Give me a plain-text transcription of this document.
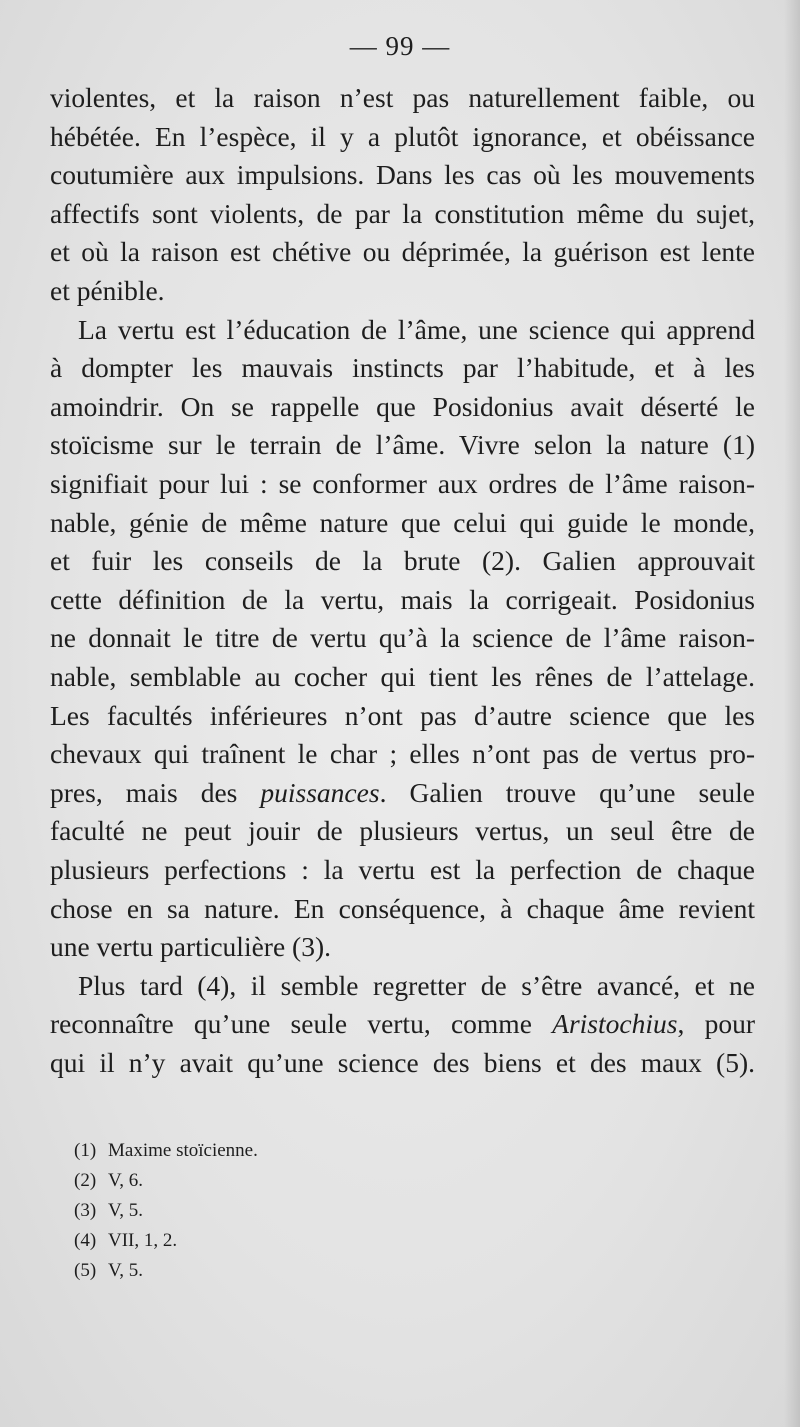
— 99 —
violentes, et la raison n’est pas naturellement faible, ou
hébétée. En l’espèce, il y a plutôt ignorance, et obéissance
coutumière aux impulsions. Dans les cas où les mouvements
affectifs sont violents, de par la constitution même du sujet,
et où la raison est chétive ou déprimée, la guérison est lente
et pénible.
La vertu est l’éducation de l’âme, une science qui apprend
à dompter les mauvais instincts par l’habitude, et à les
amoindrir. On se rappelle que Posidonius avait déserté le
stoïcisme sur le terrain de l’âme. Vivre selon la nature (1)
signifiait pour lui : se conformer aux ordres de l’âme raison-
nable, génie de même nature que celui qui guide le monde,
et fuir les conseils de la brute (2). Galien approuvait
cette définition de la vertu, mais la corrigeait. Posidonius
ne donnait le titre de vertu qu’à la science de l’âme raison-
nable, semblable au cocher qui tient les rênes de l’attelage.
Les facultés inférieures n’ont pas d’autre science que les
chevaux qui traînent le char ; elles n’ont pas de vertus pro-
pres, mais des puissances. Galien trouve qu’une seule
faculté ne peut jouir de plusieurs vertus, un seul être de
plusieurs perfections : la vertu est la perfection de chaque
chose en sa nature. En conséquence, à chaque âme revient
une vertu particulière (3).
Plus tard (4), il semble regretter de s’être avancé, et ne
reconnaître qu’une seule vertu, comme Aristochius, pour
qui il n’y avait qu’une science des biens et des maux (5).
(1) Maxime stoïcienne.
(2) V, 6.
(3) V, 5.
(4) VII, 1, 2.
(5) V, 5.
